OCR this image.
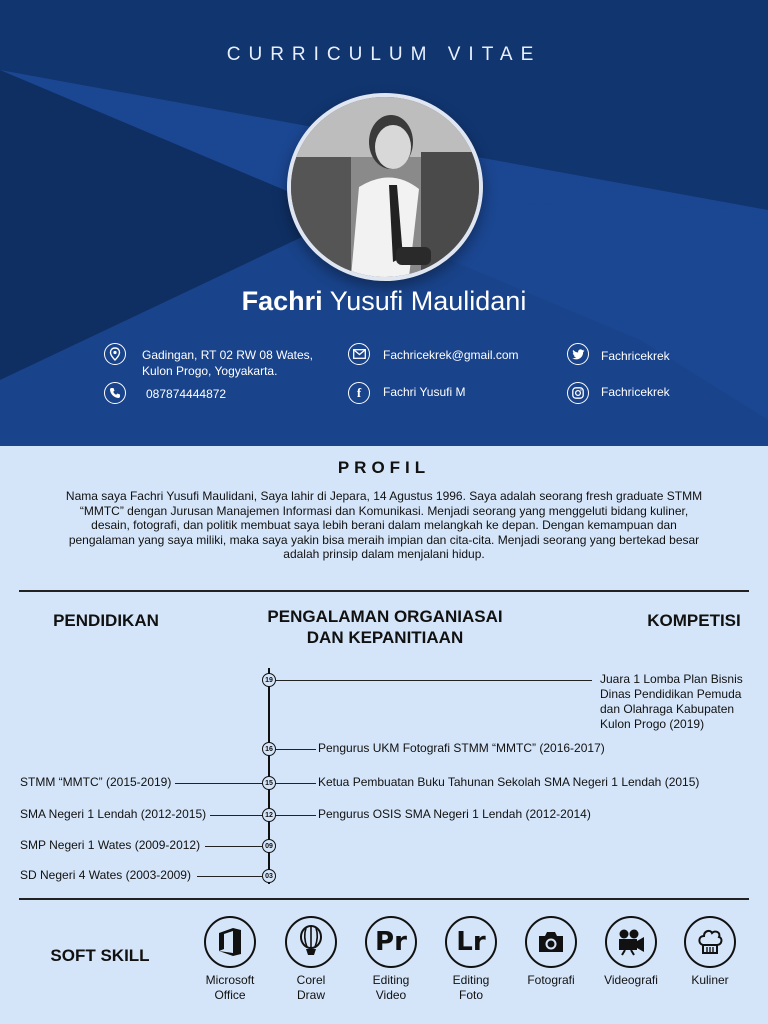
CURRICULUM VITAE
Fachri Yusufi Maulidani
Gadingan, RT 02 RW 08 Wates,
Kulon Progo, Yogyakarta.
087874444872
Fachricekrek@gmail.com
f Fachri Yusufi M
Fachricekrek
Fachricekrek
PROFIL
Nama saya Fachri Yusufi Maulidani, Saya lahir di Jepara, 14 Agustus 1996. Saya adalah seorang fresh graduate STMM “MMTC” dengan Jurusan Manajemen Informasi dan Komunikasi. Menjadi seorang yang menggeluti bidang kuliner, desain, fotografi, dan politik membuat saya lebih berani dalam melangkah ke depan. Dengan kemampuan dan pengalaman yang saya miliki, maka saya yakin bisa meraih impian dan cita-cita. Menjadi seorang yang bertekad besar adalah prinsip dalam menjalani hidup.
PENDIDIKAN	PENGALAMAN ORGANIASAI
DAN KEPANITIAAN
KOMPETISI
19
16
15
12
09
03
Juara 1 Lomba Plan Bisnis
Dinas Pendidikan Pemuda
dan Olahraga Kabupaten
Kulon Progo (2019)
Pengurus UKM Fotografi STMM “MMTC” (2016-2017)
Ketua Pembuatan Buku Tahunan Sekolah SMA Negeri 1 Lendah (2015)
Pengurus OSIS SMA Negeri 1 Lendah (2012-2014)
STMM “MMTC” (2015-2019)
SMA Negeri 1 Lendah (2012-2015)
SMP Negeri 1 Wates (2009-2012)
SD Negeri 4 Wates (2003-2009)
SOFT SKILL
Microsoft
Office
Corel
Draw
Pr
Editing
Video
Lr
Editing
Foto
Fotografi	Videografi	Kuliner
